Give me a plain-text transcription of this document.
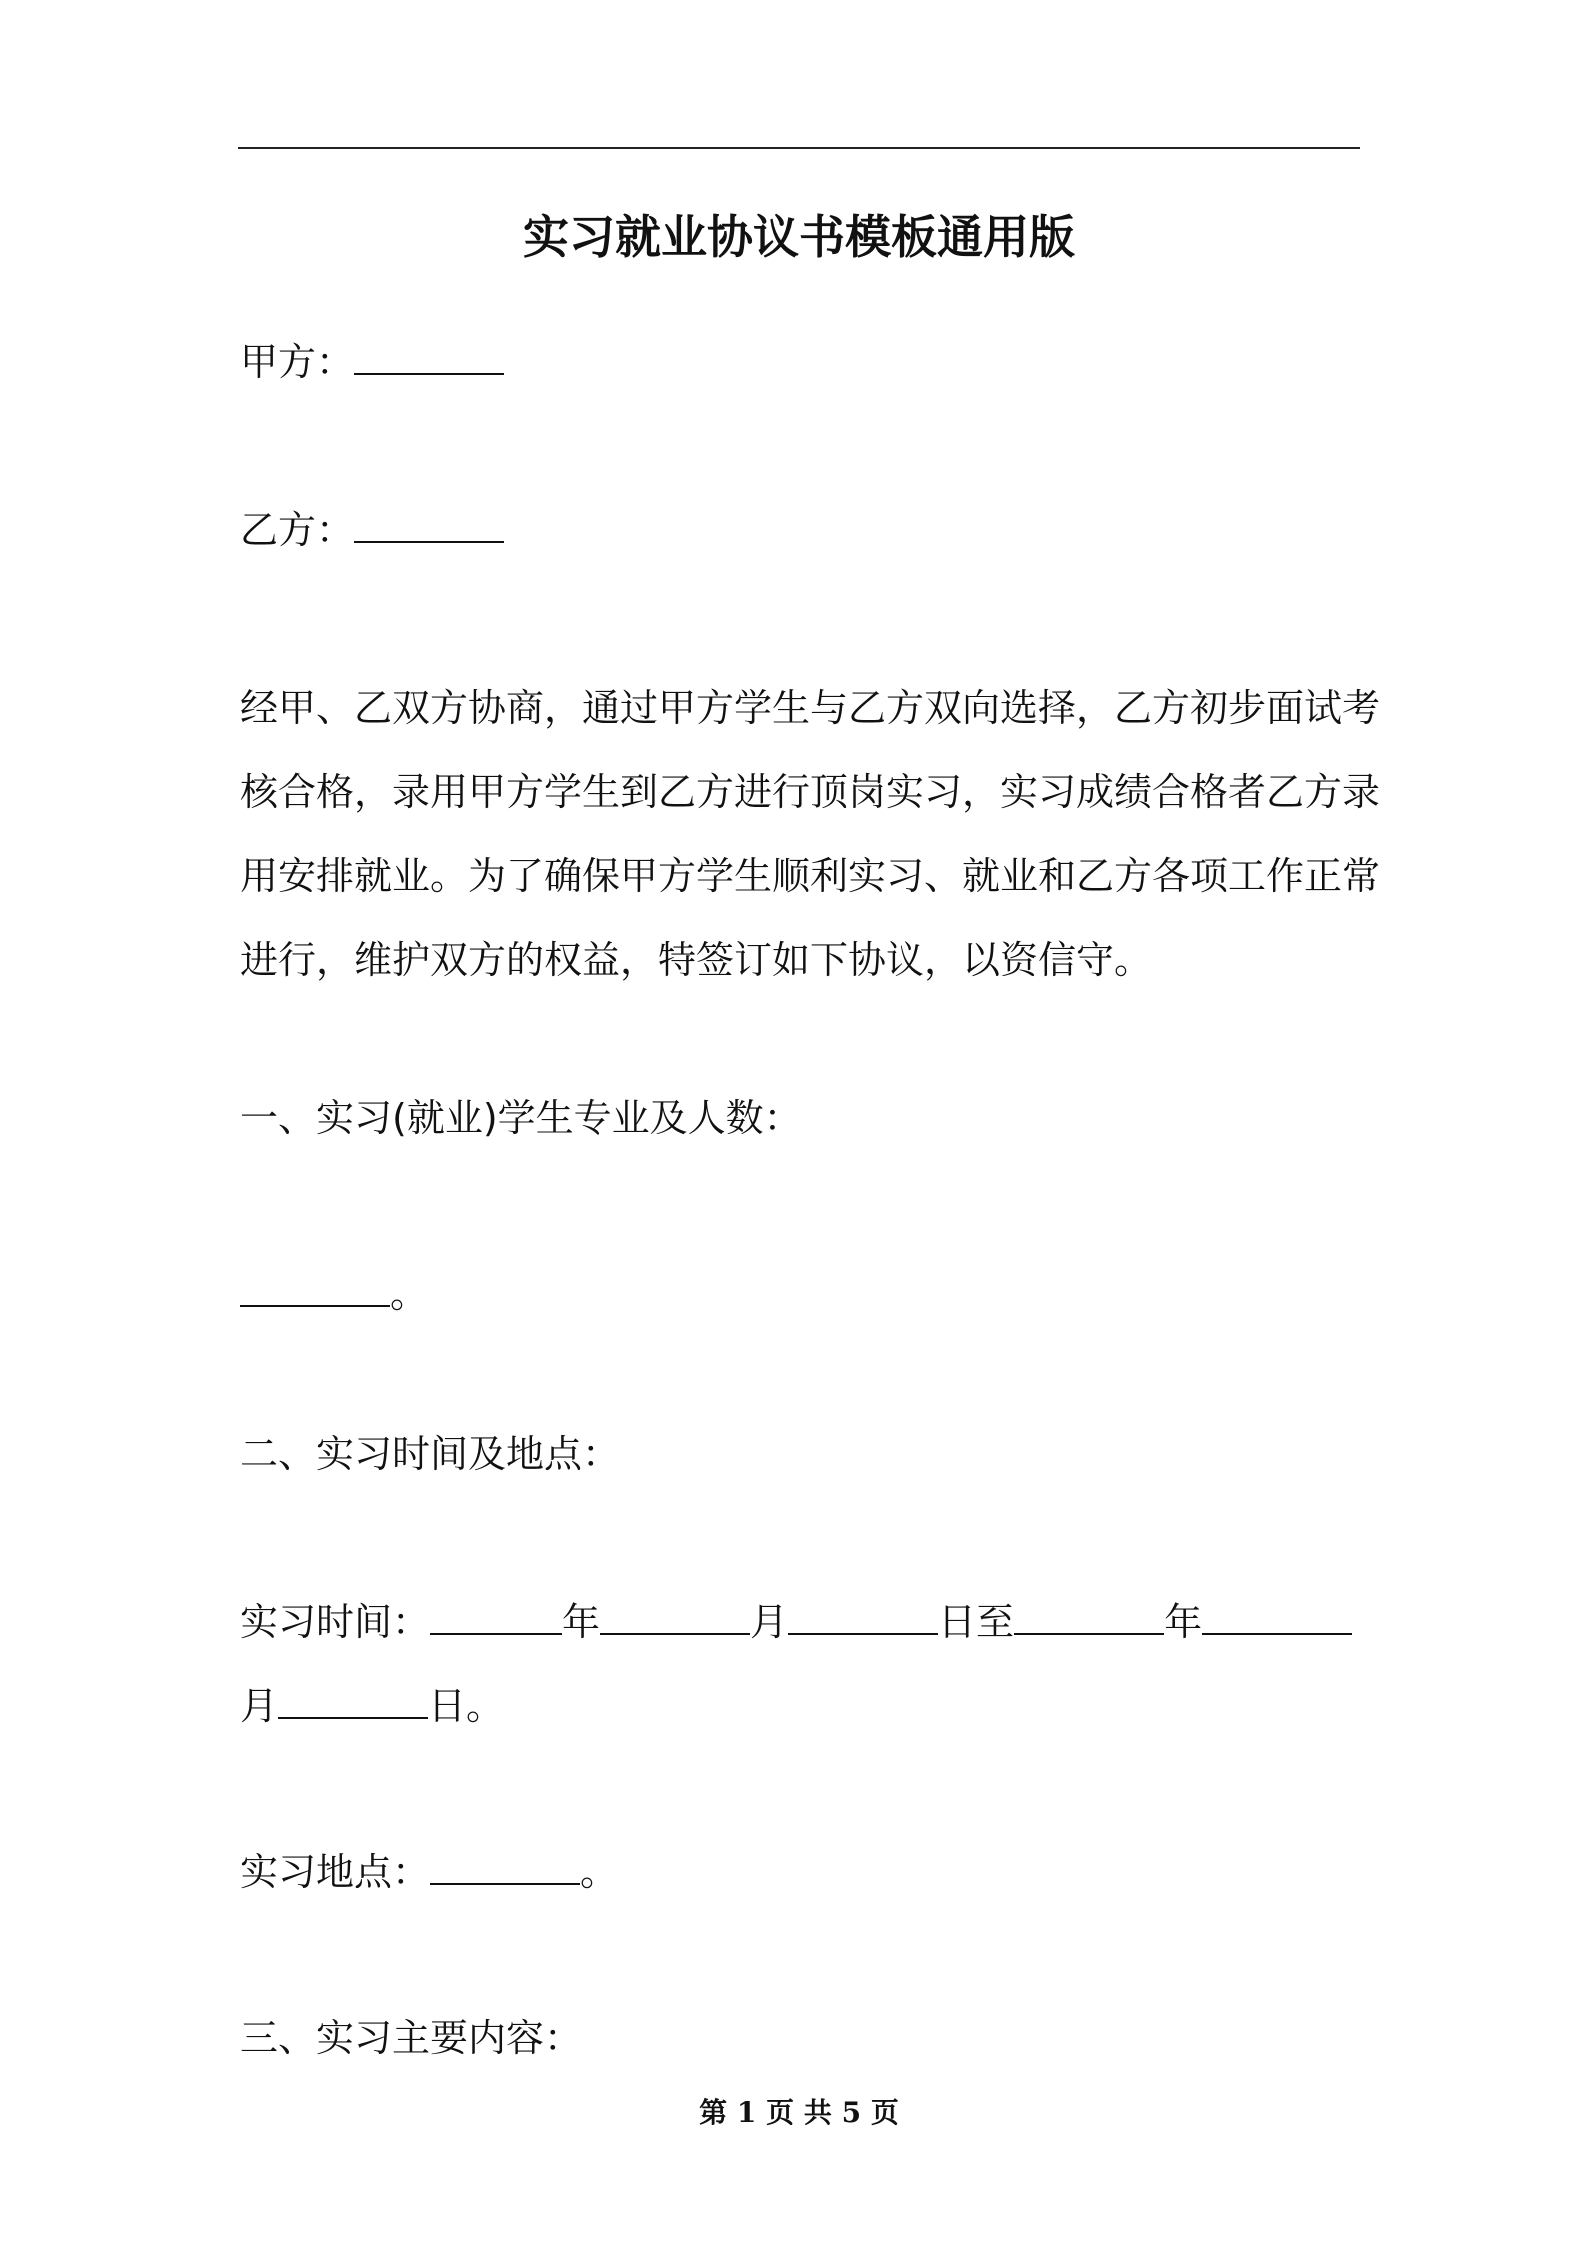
实习就业协议书模板通用版
甲方：
乙方：
经甲、乙双方协商，通过甲方学生与乙方双向选择，乙方初步面试考
核合格，录用甲方学生到乙方进行顶岗实习，实习成绩合格者乙方录
用安排就业。为了确保甲方学生顺利实习、就业和乙方各项工作正常
进行，维护双方的权益，特签订如下协议，以资信守。
一、实习(就业)学生专业及人数：
。
二、实习时间及地点：
实习时间：	年	月	日至	年
月	日。
实习地点：	。
三、实习主要内容：
第 1 页 共 5 页
